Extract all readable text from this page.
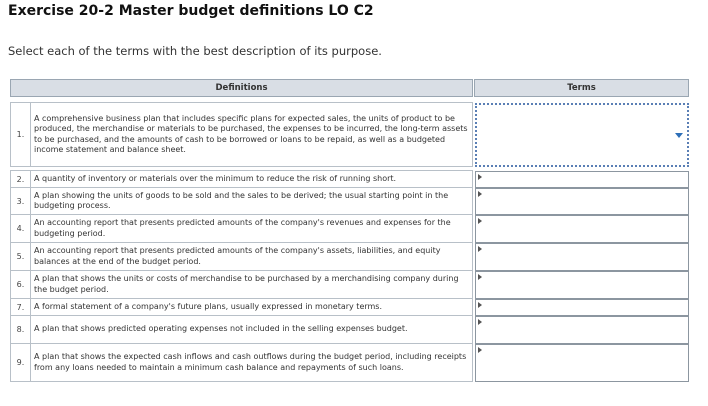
Exercise 20-2 Master budget definitions LO C2
Select each of the terms with the best description of its purpose.
Definitions			Terms

1.	A comprehensive business plan that includes specific plans for expected sales, the units of product to be produced, the merchandise or materials to be purchased, the expenses to be incurred, the long-term assets to be purchased, and the amounts of cash to be borrowed or loans to be repaid, as well as a budgeted income statement and balance sheet.		

2.	A quantity of inventory or materials over the minimum to reduce the risk of running short.		

3.	A plan showing the units of goods to be sold and the sales to be derived; the usual starting point in the budgeting process.		

4.	An accounting report that presents predicted amounts of the company's revenues and expenses for the budgeting period.		

5.	An accounting report that presents predicted amounts of the company's assets, liabilities, and equity balances at the end of the budget period.		

6.	A plan that shows the units or costs of merchandise to be purchased by a merchandising company during the budget period.		

7.	A formal statement of a company's future plans, usually expressed in monetary terms.		

8.	A plan that shows predicted operating expenses not included in the selling expenses budget.		

9.	A plan that shows the expected cash inflows and cash outflows during the budget period, including receipts from any loans needed to maintain a minimum cash balance and repayments of such loans.		
